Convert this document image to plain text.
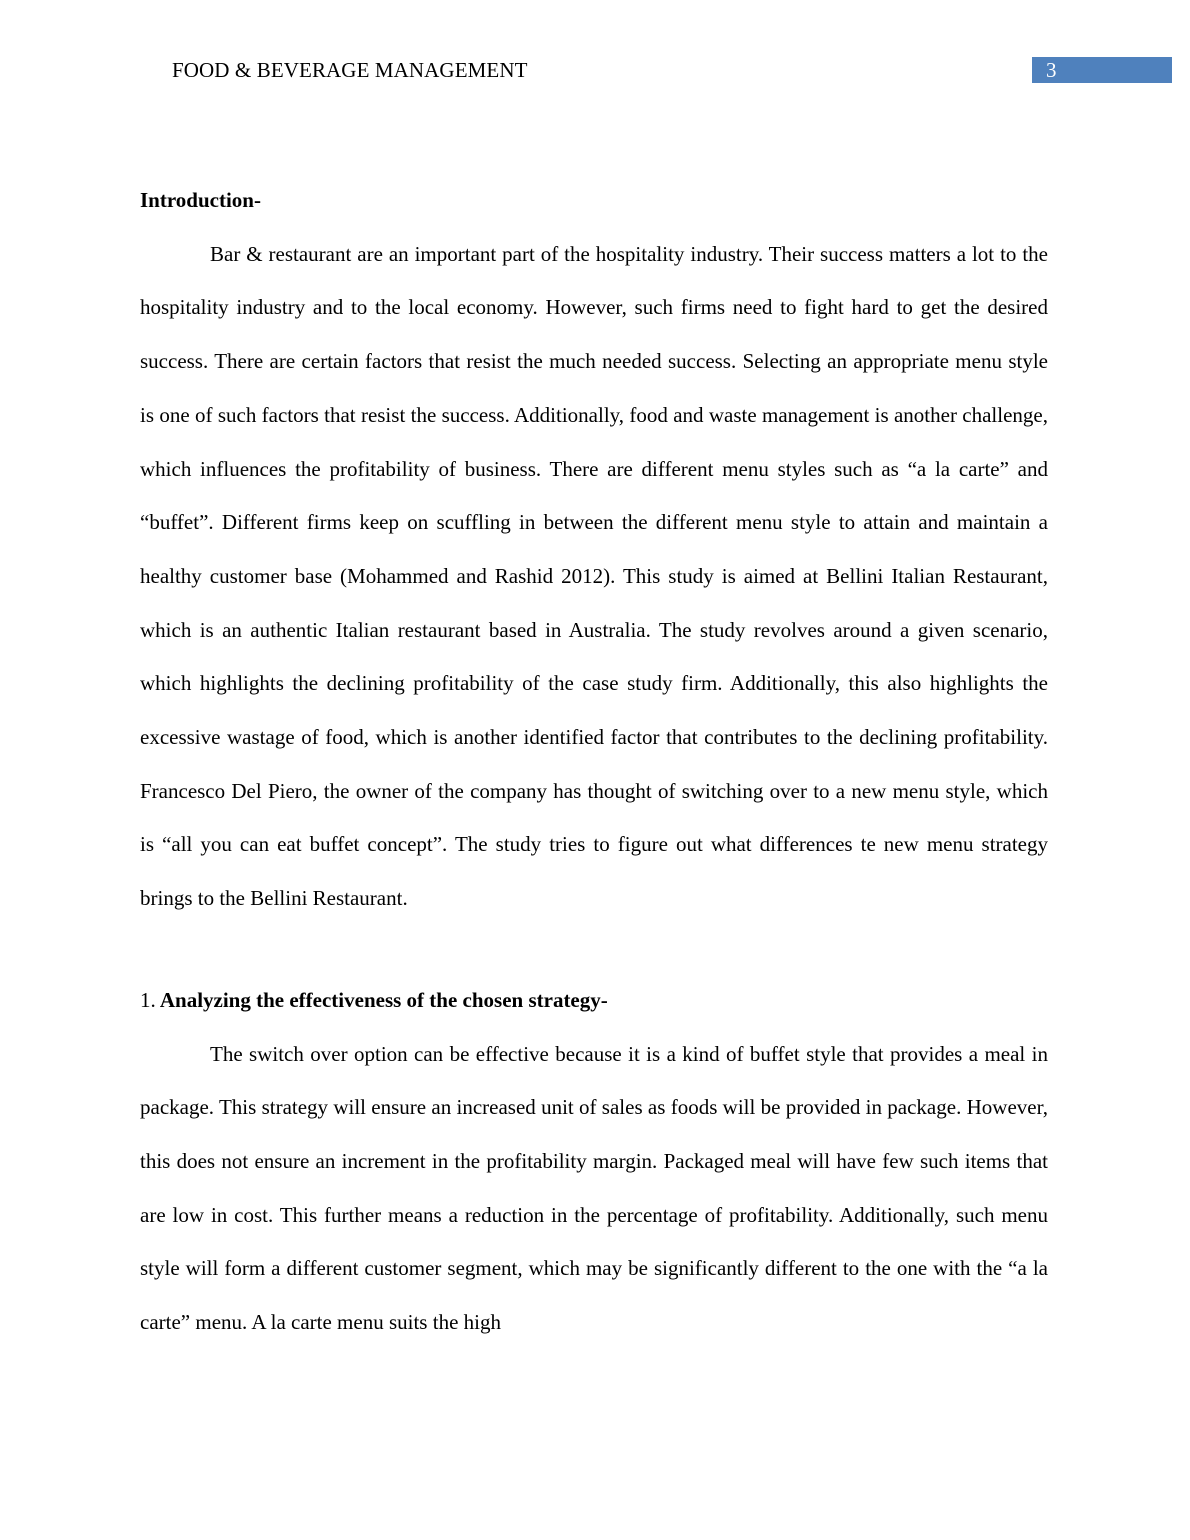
FOOD & BEVERAGE MANAGEMENT	3

Introduction-

Bar & restaurant are an important part of the hospitality industry. Their success matters a lot to the hospitality industry and to the local economy. However, such firms need to fight hard to get the desired success. There are certain factors that resist the much needed success. Selecting an appropriate menu style is one of such factors that resist the success. Additionally, food and waste management is another challenge, which influences the profitability of business. There are different menu styles such as “a la carte” and “buffet”. Different firms keep on scuffling in between the different menu style to attain and maintain a healthy customer base (Mohammed and Rashid 2012). This study is aimed at Bellini Italian Restaurant, which is an authentic Italian restaurant based in Australia. The study revolves around a given scenario, which highlights the declining profitability of the case study firm. Additionally, this also highlights the excessive wastage of food, which is another identified factor that contributes to the declining profitability. Francesco Del Piero, the owner of the company has thought of switching over to a new menu style, which is “all you can eat buffet concept”. The study tries to figure out what differences te new menu strategy brings to the Bellini Restaurant.

1. Analyzing the effectiveness of the chosen strategy-

The switch over option can be effective because it is a kind of buffet style that provides a meal in package. This strategy will ensure an increased unit of sales as foods will be provided in package. However, this does not ensure an increment in the profitability margin. Packaged meal will have few such items that are low in cost. This further means a reduction in the percentage of profitability. Additionally, such menu style will form a different customer segment, which may be significantly different to the one with the “a la carte” menu. A la carte menu suits the high
